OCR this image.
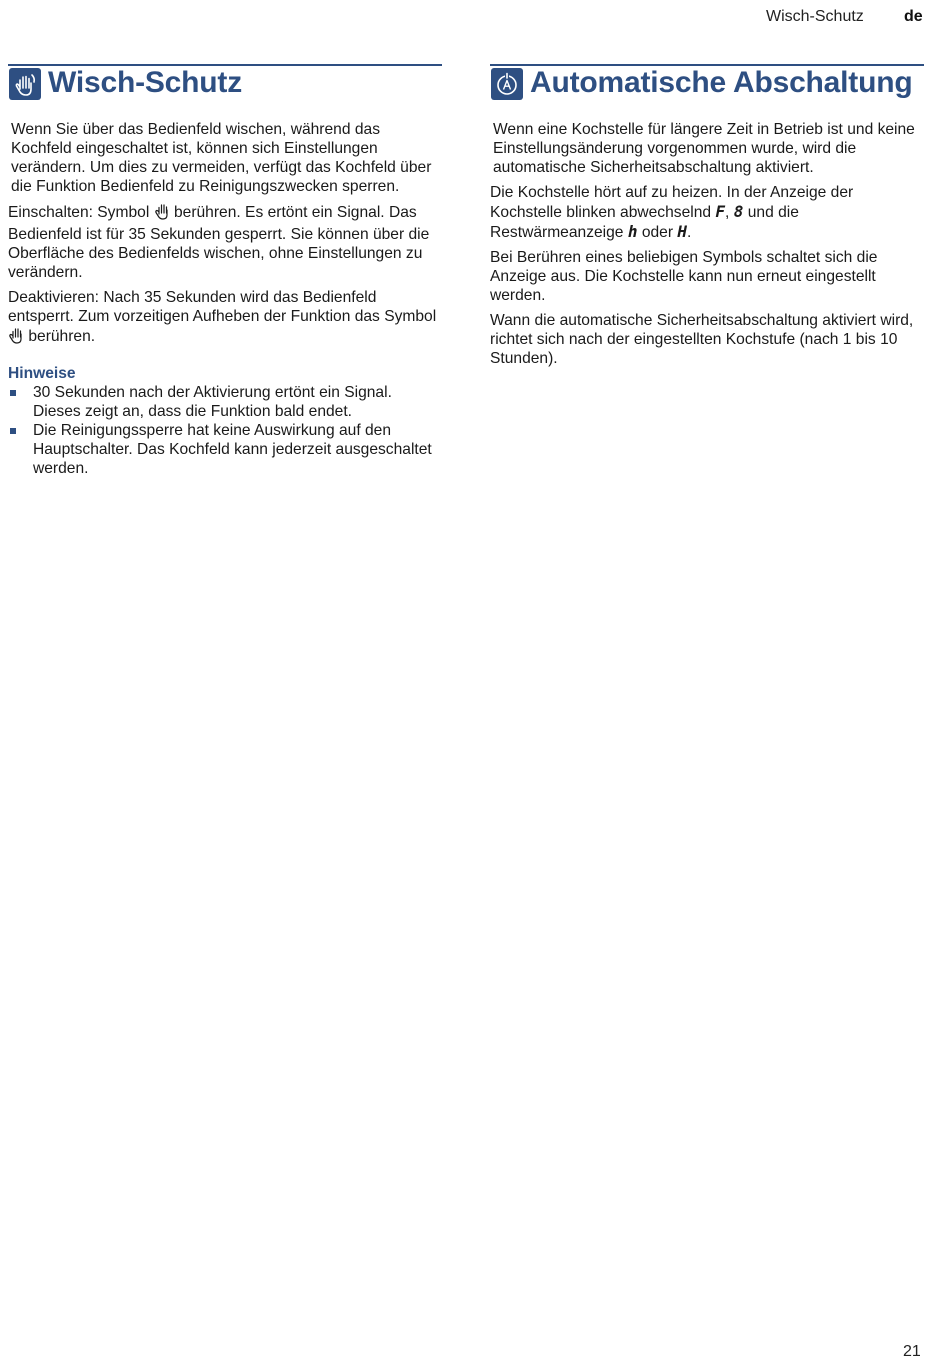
Wisch-Schutz	de
Wisch-Schutz

Wenn Sie über das Bedienfeld wischen, während das Kochfeld eingeschaltet ist, können sich Einstellungen verändern. Um dies zu vermeiden, verfügt das Kochfeld über die Funktion Bedienfeld zu Reinigungszwecken sperren.

Einschalten: Symbol berühren. Es ertönt ein Signal. Das Bedienfeld ist für 35 Sekunden gesperrt. Sie können über die Oberfläche des Bedienfelds wischen, ohne Einstellungen zu verändern.

Deaktivieren: Nach 35 Sekunden wird das Bedienfeld entsperrt. Zum vorzeitigen Aufheben der Funktion das Symbol  berühren.

Hinweise
30 Sekunden nach der Aktivierung ertönt ein Signal. Dieses zeigt an, dass die Funktion bald endet.
Die Reinigungssperre hat keine Auswirkung auf den Hauptschalter. Das Kochfeld kann jederzeit ausgeschaltet werden.
Automatische Abschaltung

Wenn eine Kochstelle für längere Zeit in Betrieb ist und keine Einstellungsänderung vorgenommen wurde, wird die automatische Sicherheitsabschaltung aktiviert.

Die Kochstelle hört auf zu heizen. In der Anzeige der Kochstelle blinken abwechselnd F, 8 und die Restwärmeanzeige h oder H.

Bei Berühren eines beliebigen Symbols schaltet sich die Anzeige aus. Die Kochstelle kann nun erneut eingestellt werden.

Wann die automatische Sicherheitsabschaltung aktiviert wird, richtet sich nach der eingestellten Kochstufe (nach 1 bis 10 Stunden).

21
